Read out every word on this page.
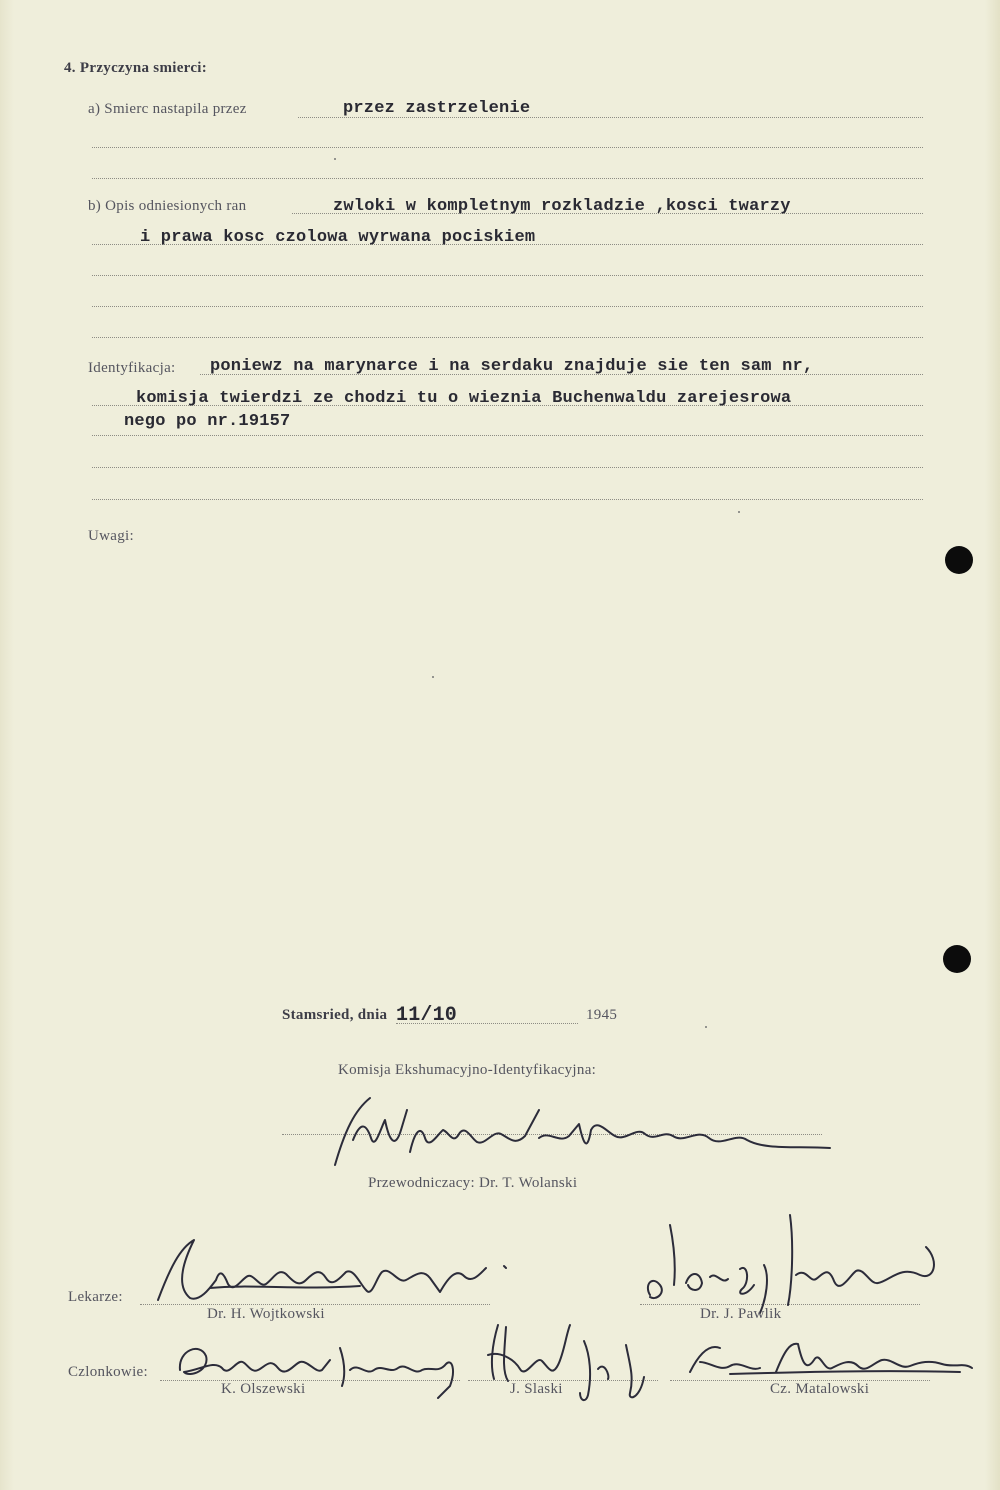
4. Przyczyna smierci:
a) Smierc nastapila przez	przez zastrzelenie
b) Opis odniesionych ran	zwloki w kompletnym rozkladzie ,kosci twarzy
i prawa kosc czolowa wyrwana pociskiem
Identyfikacja: poniewz na marynarce i na serdaku znajduje sie ten sam nr,
komisja twierdzi ze chodzi tu o wieznia Buchenwaldu zarejesrowa
nego po nr.19157
Uwagi:
Stamsried, dnia 11/10	1945
Komisja Ekshumacyjno-Identyfikacyjna:
Przewodniczacy: Dr. T. Wolanski
Lekarze:
Dr. H. Wojtkowski	Dr. J. Pawlik
Czlonkowie:
K. Olszewski	J. Slaski	Cz. Matalowski
